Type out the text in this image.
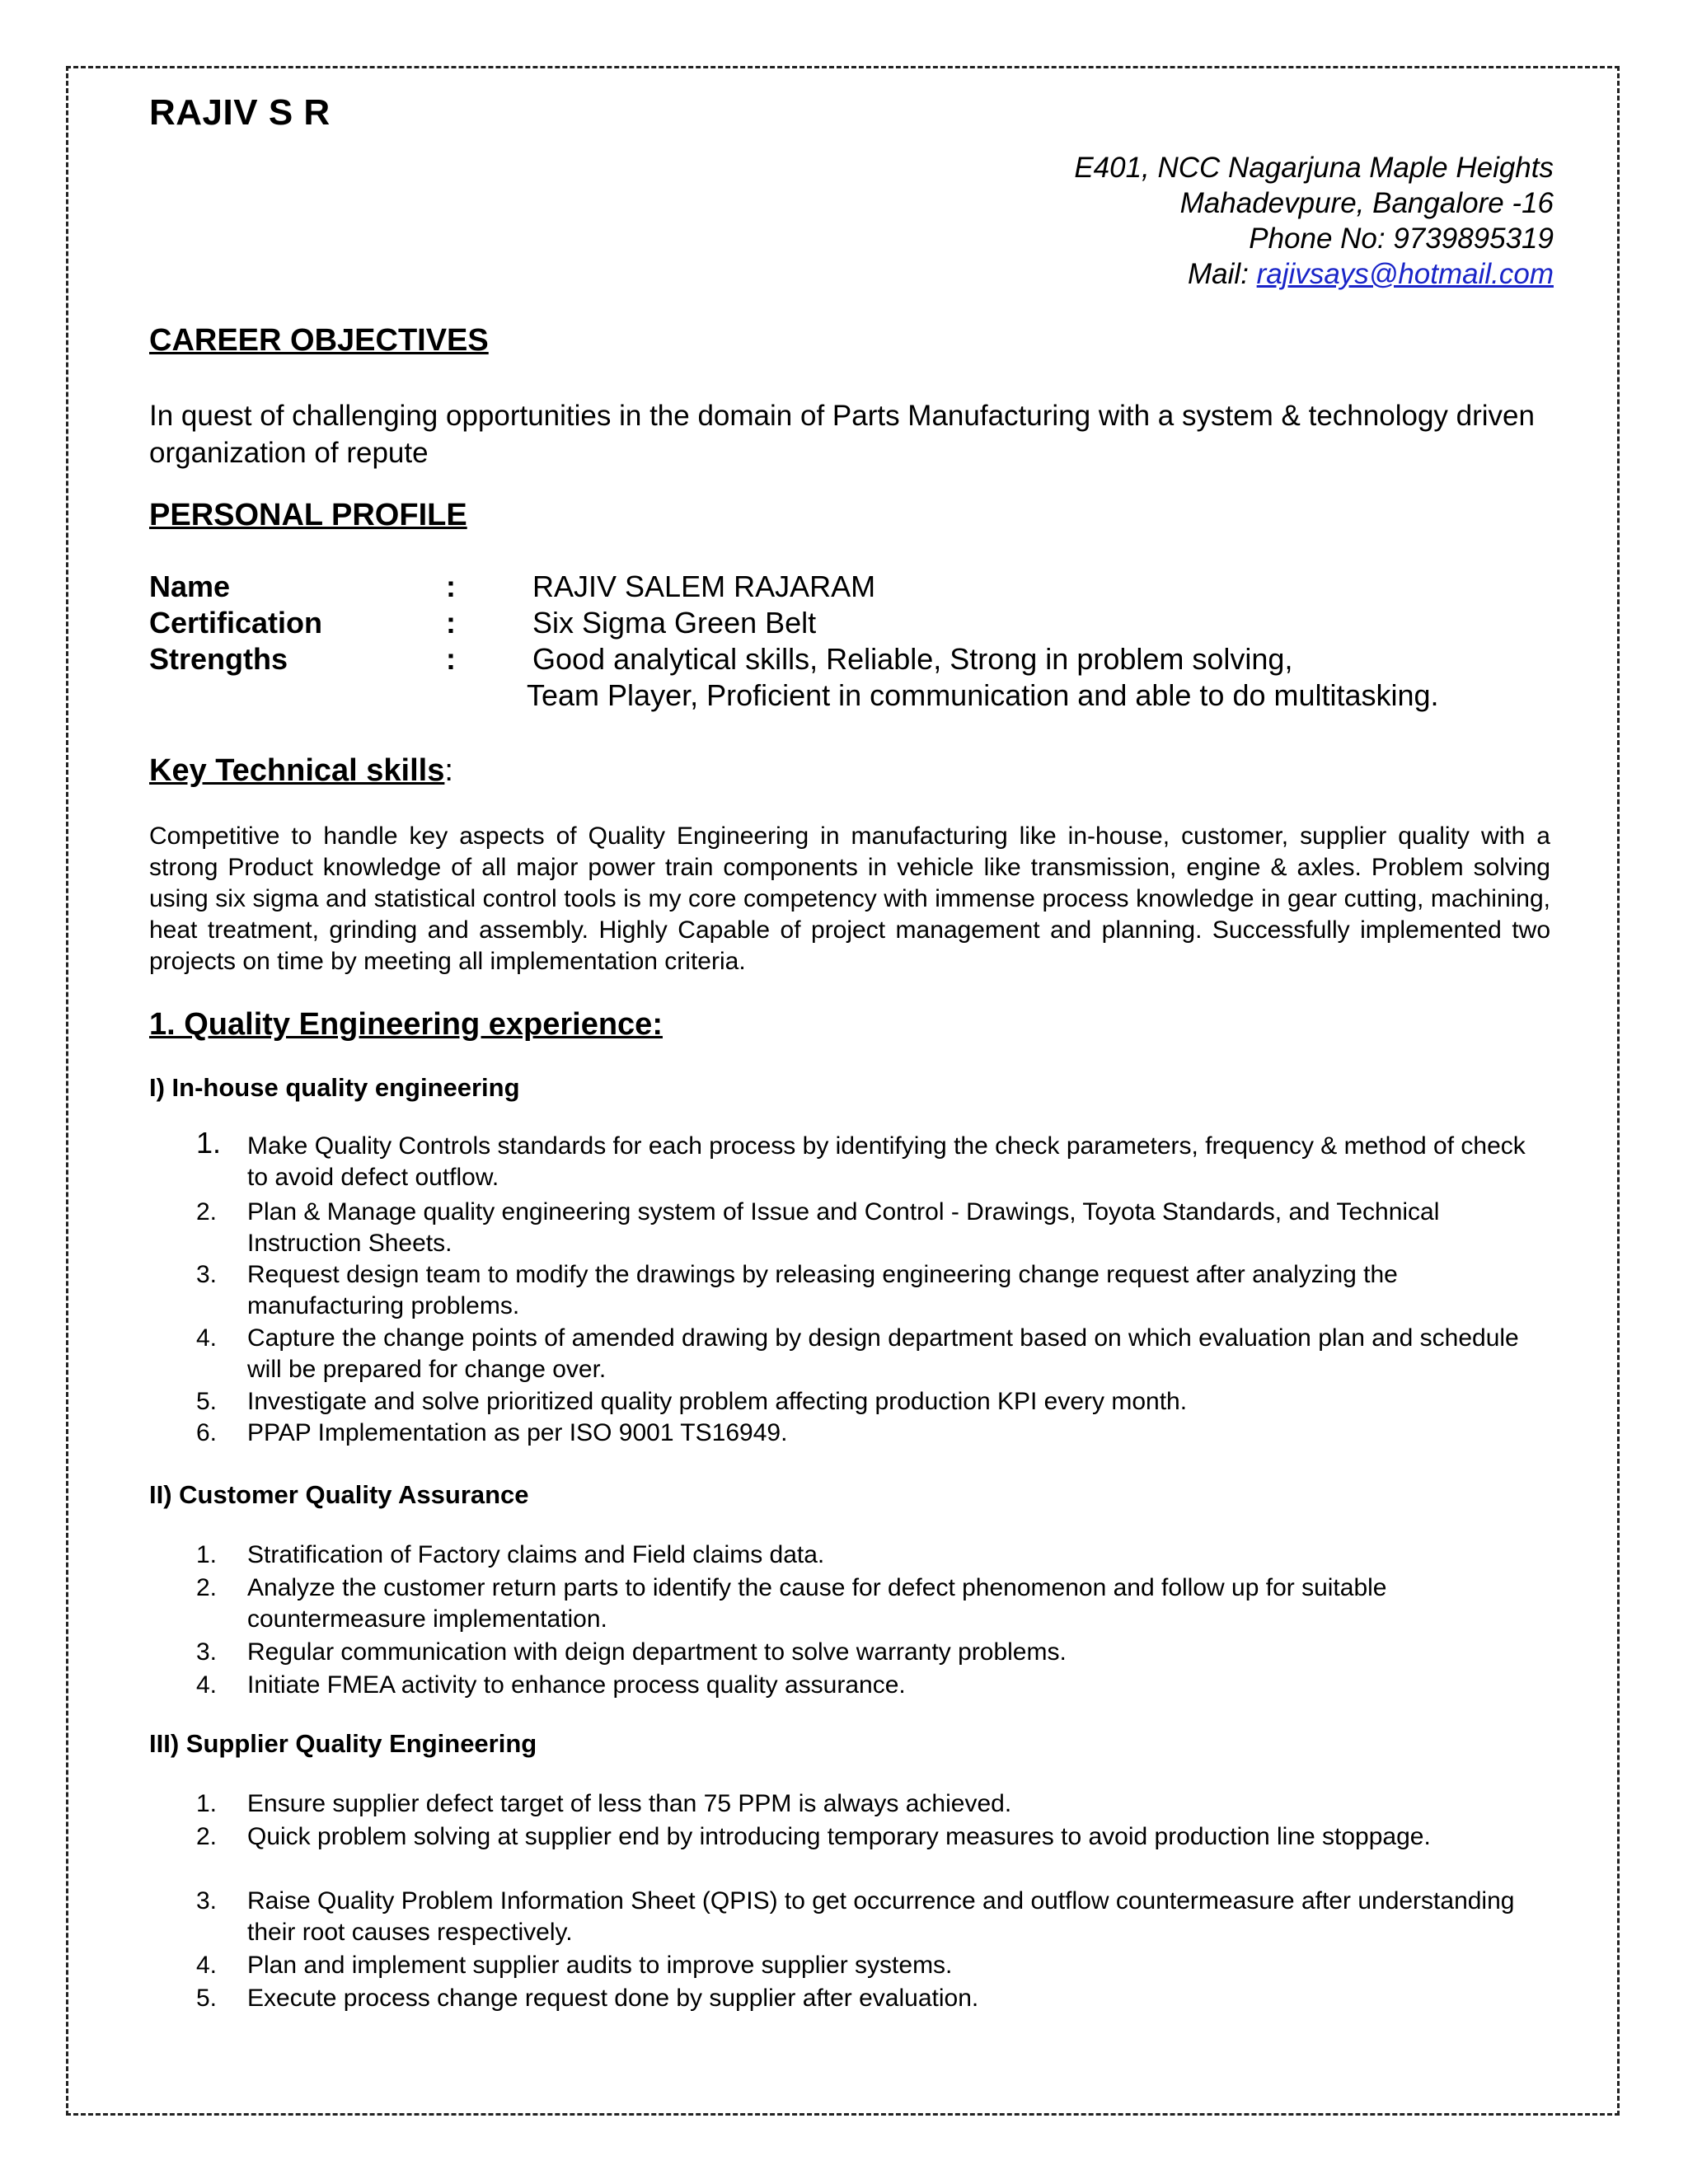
RAJIV S R
E401, NCC Nagarjuna Maple Heights
Mahadevpure, Bangalore -16
Phone No: 9739895319
Mail: rajivsays@hotmail.com
CAREER OBJECTIVES
In quest of challenging opportunities in the domain of Parts Manufacturing with a system & technology driven organization of repute
PERSONAL PROFILE
Name	:	RAJIV SALEM RAJARAM
Certification	:	Six Sigma Green Belt
Strengths	:	Good analytical skills, Reliable, Strong in problem solving,
Team Player, Proficient in communication and able to do multitasking.
Key Technical skills:
Competitive to handle key aspects of Quality Engineering in manufacturing like in-house, customer, supplier quality with a strong Product knowledge of all major power train components in vehicle like transmission, engine & axles. Problem solving using six sigma and statistical control tools is my core competency with immense process knowledge in gear cutting, machining, heat treatment, grinding and assembly. Highly Capable of project management and planning. Successfully implemented two projects on time by meeting all implementation criteria.
1. Quality Engineering experience:
I) In-house quality engineering
1.	Make Quality Controls standards for each process by identifying the check parameters, frequency & method of check to avoid defect outflow.
2.	Plan & Manage quality engineering system of Issue and Control - Drawings, Toyota Standards, and Technical Instruction Sheets.
3.	Request design team to modify the drawings by releasing engineering change request after analyzing the manufacturing problems.
4.	Capture the change points of amended drawing by design department based on which evaluation plan and schedule will be prepared for change over.
5.	Investigate and solve prioritized quality problem affecting production KPI every month.
6.	PPAP Implementation as per ISO 9001 TS16949.
II) Customer Quality Assurance
1.	Stratification of Factory claims and Field claims data.
2.	Analyze the customer return parts to identify the cause for defect phenomenon and follow up for suitable countermeasure implementation.
3.	Regular communication with deign department to solve warranty problems.
4.	Initiate FMEA activity to enhance process quality assurance.
III) Supplier Quality Engineering
1.	Ensure supplier defect target of less than 75 PPM is always achieved.
2.	Quick problem solving at supplier end by introducing temporary measures to avoid production line stoppage.
3.	Raise Quality Problem Information Sheet (QPIS) to get occurrence and outflow countermeasure after understanding their root causes respectively.
4.	Plan and implement supplier audits to improve supplier systems.
5.	Execute process change request done by supplier after evaluation.
